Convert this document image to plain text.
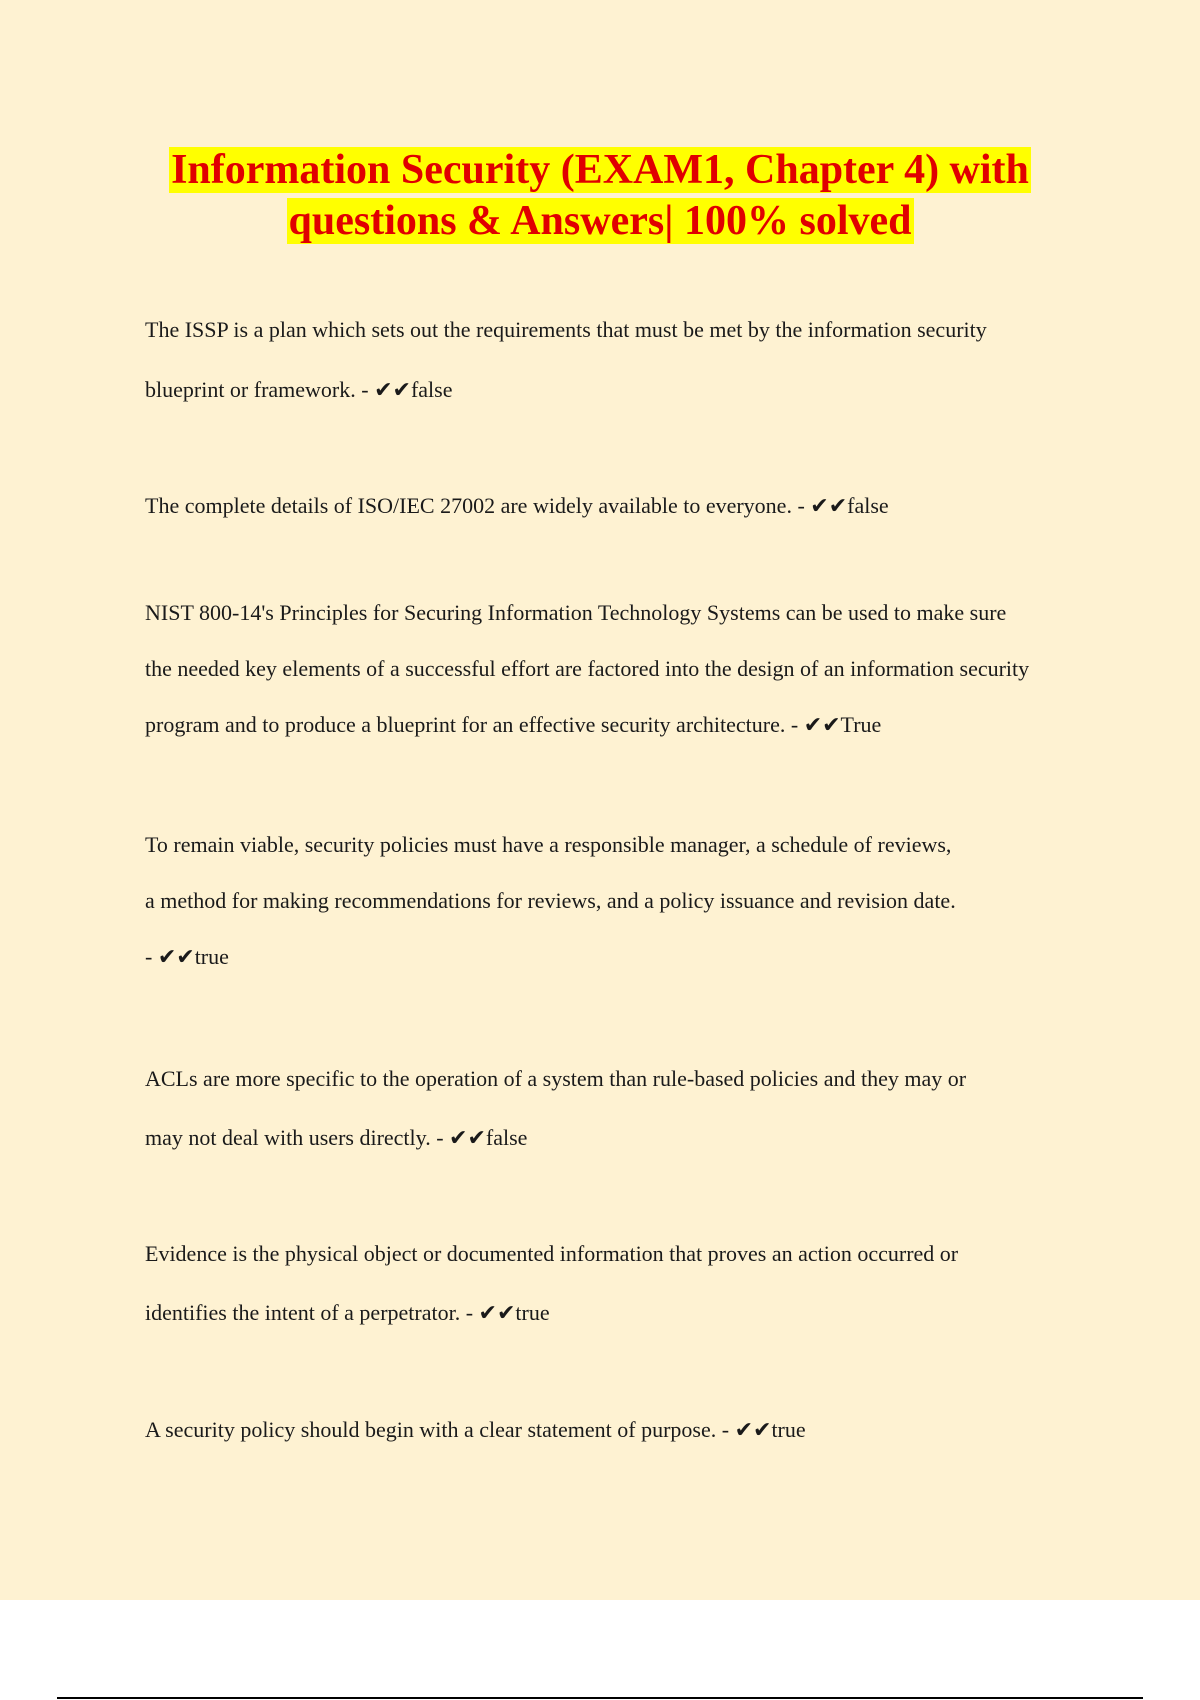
Information Security (EXAM1, Chapter 4) with
questions & Answers| 100% solved

The ISSP is a plan which sets out the requirements that must be met by the information security
blueprint or framework. - ✔✔false

The complete details of ISO/IEC 27002 are widely available to everyone. - ✔✔false

NIST 800-14's Principles for Securing Information Technology Systems can be used to make sure
the needed key elements of a successful effort are factored into the design of an information security
program and to produce a blueprint for an effective security architecture. - ✔✔True

To remain viable, security policies must have a responsible manager, a schedule of reviews,
a method for making recommendations for reviews, and a policy issuance and revision date.
- ✔✔true

ACLs are more specific to the operation of a system than rule-based policies and they may or
may not deal with users directly. - ✔✔false

Evidence is the physical object or documented information that proves an action occurred or
identifies the intent of a perpetrator. - ✔✔true

A security policy should begin with a clear statement of purpose. - ✔✔true
